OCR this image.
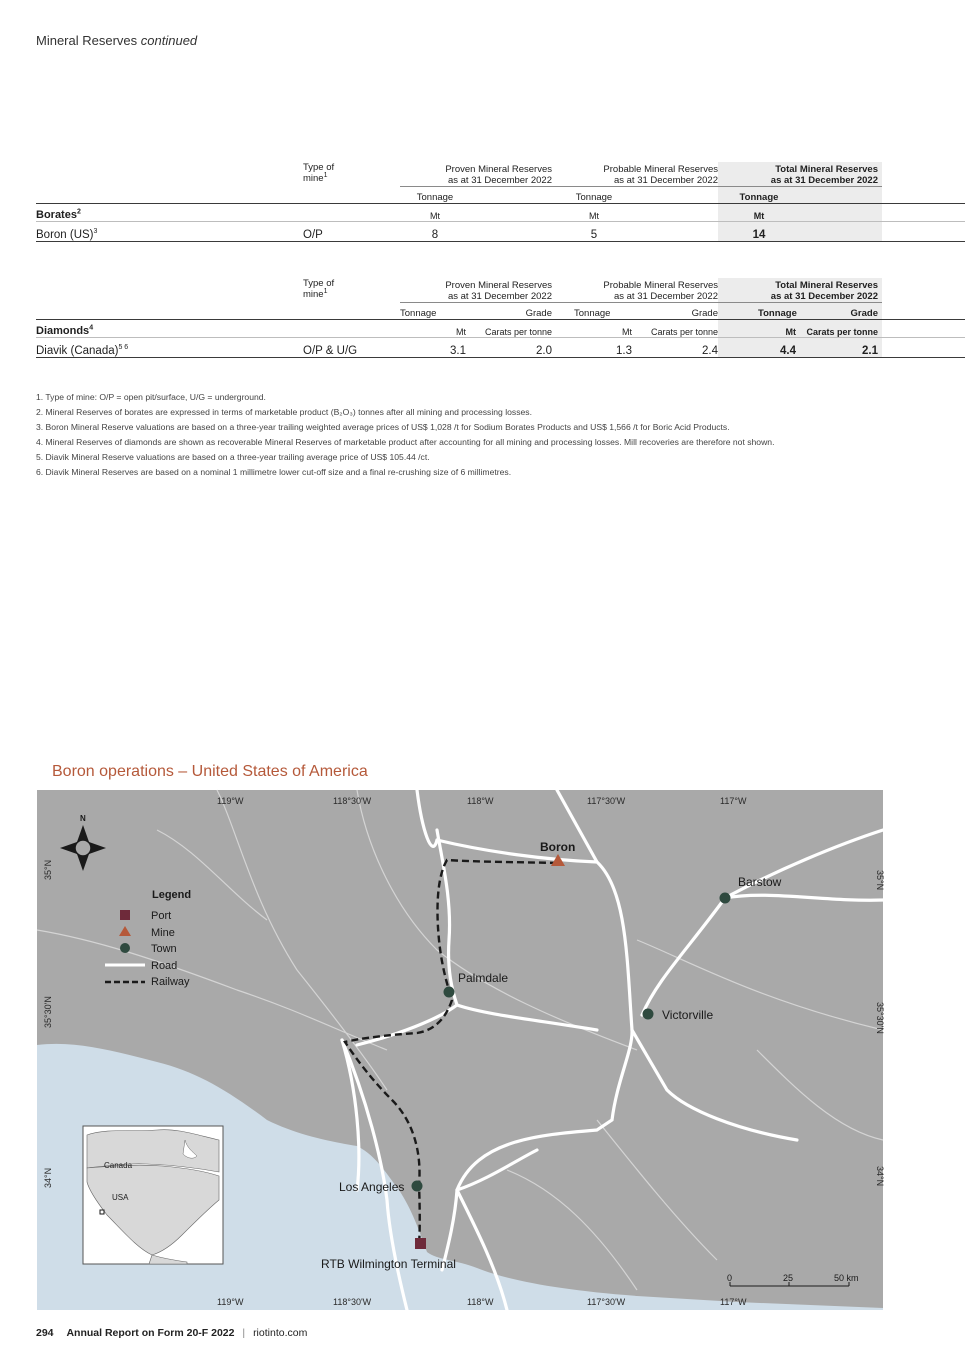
Mineral Reserves continued
	Type of
mine$^1$	Proven Mineral Reserves
as at 31 December 2022		Probable Mineral Reserves
as at 31 December 2022		Total Mineral Reserves
as at 31 December 2022		
		Tonnage		Tonnage		Tonnage		
Borates$^2$		Mt		Mt		Mt		
Boron (US)$^3$	O/P	8		5		14		
	Type of
mine$^1$	Proven Mineral Reserves
as at 31 December 2022		Probable Mineral Reserves
as at 31 December 2022		Total Mineral Reserves
as at 31 December 2022		
		Tonnage	Grade	Tonnage	Grade	Tonnage	Grade	
Diamonds$^4$		Mt	Carats per tonne	Mt	Carats per tonne	Mt	Carats per tonne	
Diavik (Canada)$^{5 6}$	O/P & U/G	3.1	2.0	1.3	2.4	4.4	2.1	
1. Type of mine: O/P = open pit/surface, U/G = underground.
2. Mineral Reserves of borates are expressed in terms of marketable product (B₂O₃) tonnes after all mining and processing losses.
3. Boron Mineral Reserve valuations are based on a three-year trailing weighted average prices of US$ 1,028 /t for Sodium Borates Products and US$ 1,566 /t for Boric Acid Products.
4. Mineral Reserves of diamonds are shown as recoverable Mineral Reserves of marketable product after accounting for all mining and processing losses. Mill recoveries are therefore not shown.
5. Diavik Mineral Reserve valuations are based on a three-year trailing average price of US$ 105.44 /ct.
6. Diavik Mineral Reserves are based on a nominal 1 millimetre lower cut-off size and a final re-crushing size of 6 millimetres.
Boron operations – United States of America
119°W	118°30'W	118°W	117°30'W	117°W
119°W	118°30'W	118°W	117°30'W	117°W
35°N
35°30'N
34°N
35°N
35°30'N
34°N
N
Legend
Port
Mine
Town
Road
Railway
Boron
Barstow
Palmdale
Victorville
Los Angeles
RTB Wilmington Terminal
Canada
USA
0	25	50 km
294 Annual Report on Form 20-F 2022 | riotinto.com
